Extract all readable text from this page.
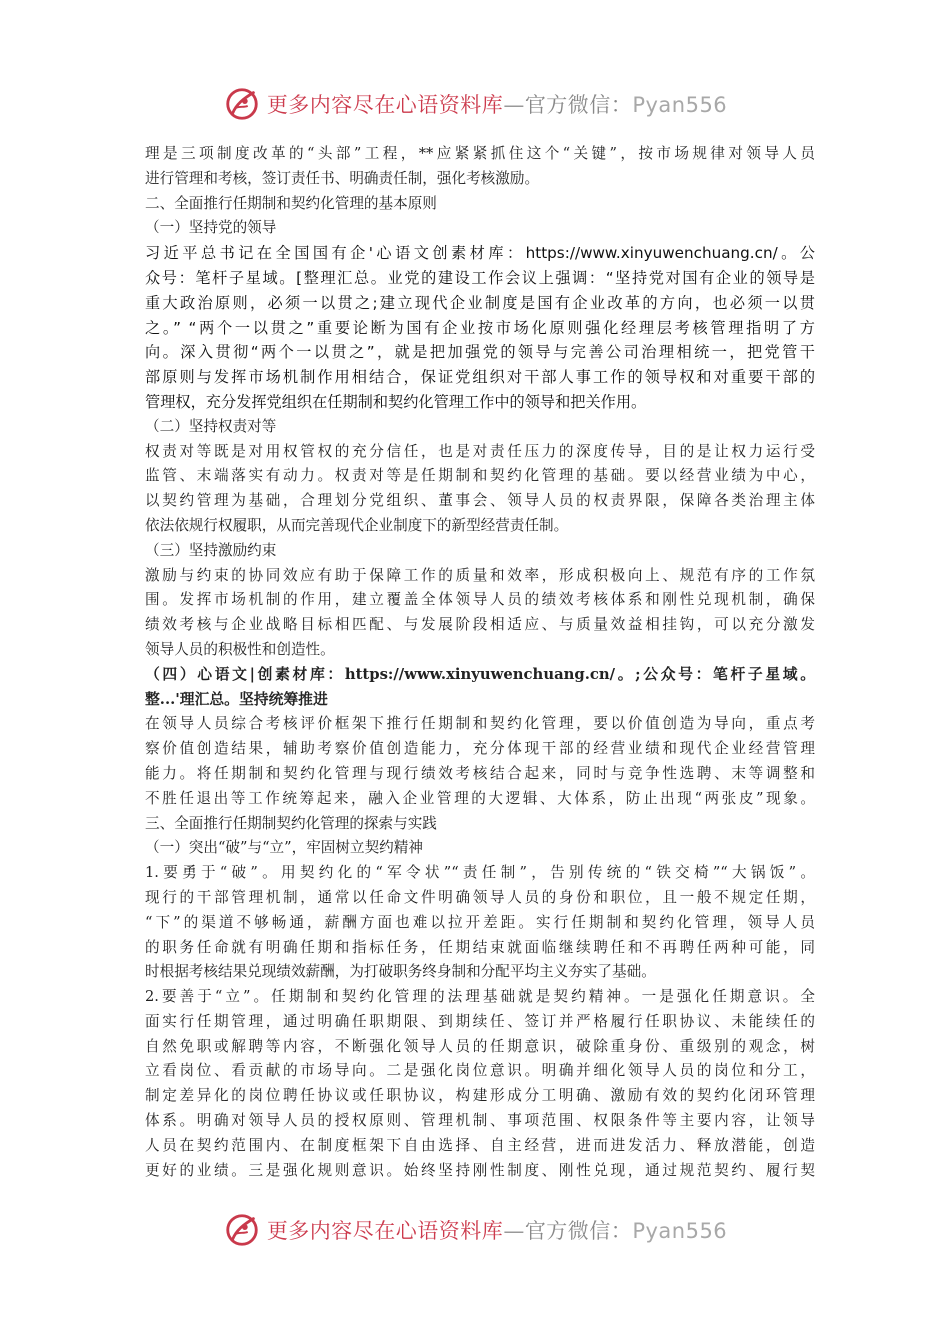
更多内容尽在心语资料库—官方微信：Pyan556
理是三项制度改革的“头部”工程，**应紧紧抓住这个“关键”，按市场规律对领导人员
进行管理和考核，签订责任书、明确责任制，强化考核激励。
二、全面推行任期制和契约化管理的基本原则
（一）坚持党的领导
习近平总书记在全国国有企'心语文创素材库：https://www.xinyuwenchuang.cn/。公
众号：笔杆子星域。[整理汇总。业党的建设工作会议上强调：“坚持党对国有企业的领导是
重大政治原则，必须一以贯之;建立现代企业制度是国有企业改革的方向，也必须一以贯
之。” “两个一以贯之”重要论断为国有企业按市场化原则强化经理层考核管理指明了方
向。深入贯彻“两个一以贯之”，就是把加强党的领导与完善公司治理相统一，把党管干
部原则与发挥市场机制作用相结合，保证党组织对干部人事工作的领导权和对重要干部的
管理权，充分发挥党组织在任期制和契约化管理工作中的领导和把关作用。
（二）坚持权责对等
权责对等既是对用权管权的充分信任，也是对责任压力的深度传导，目的是让权力运行受
监管、末端落实有动力。权责对等是任期制和契约化管理的基础。要以经营业绩为中心，
以契约管理为基础，合理划分党组织、董事会、领导人员的权责界限，保障各类治理主体
依法依规行权履职，从而完善现代企业制度下的新型经营责任制。
（三）坚持激励约束
激励与约束的协同效应有助于保障工作的质量和效率，形成积极向上、规范有序的工作氛
围。发挥市场机制的作用，建立覆盖全体领导人员的绩效考核体系和刚性兑现机制，确保
绩效考核与企业战略目标相匹配、与发展阶段相适应、与质量效益相挂钩，可以充分激发
领导人员的积极性和创造性。
（四）心语文|创素材库：https://www.xinyuwenchuang.cn/。;公众号：笔杆子星域。
整...'理汇总。坚持统筹推进
在领导人员综合考核评价框架下推行任期制和契约化管理，要以价值创造为导向，重点考
察价值创造结果，辅助考察价值创造能力，充分体现干部的经营业绩和现代企业经营管理
能力。将任期制和契约化管理与现行绩效考核结合起来，同时与竞争性选聘、末等调整和
不胜任退出等工作统筹起来，融入企业管理的大逻辑、大体系，防止出现“两张皮”现象。
三、全面推行任期制契约化管理的探索与实践
（一）突出“破”与“立”，牢固树立契约精神
1.要勇于“破”。用契约化的“军令状”“责任制”，告别传统的“铁交椅”“大锅饭”。
现行的干部管理机制，通常以任命文件明确领导人员的身份和职位，且一般不规定任期，
“下”的渠道不够畅通，薪酬方面也难以拉开差距。实行任期制和契约化管理，领导人员
的职务任命就有明确任期和指标任务，任期结束就面临继续聘任和不再聘任两种可能，同
时根据考核结果兑现绩效薪酬，为打破职务终身制和分配平均主义夯实了基础。
2.要善于“立”。任期制和契约化管理的法理基础就是契约精神。一是强化任期意识。全
面实行任期管理，通过明确任职期限、到期续任、签订并严格履行任职协议、未能续任的
自然免职或解聘等内容，不断强化领导人员的任期意识，破除重身份、重级别的观念，树
立看岗位、看贡献的市场导向。二是强化岗位意识。明确并细化领导人员的岗位和分工，
制定差异化的岗位聘任协议或任职协议，构建形成分工明确、激励有效的契约化闭环管理
体系。明确对领导人员的授权原则、管理机制、事项范围、权限条件等主要内容，让领导
人员在契约范围内、在制度框架下自由选择、自主经营，进而进发活力、释放潜能，创造
更好的业绩。三是强化规则意识。始终坚持刚性制度、刚性兑现，通过规范契约、履行契
更多内容尽在心语资料库—官方微信：Pyan556
